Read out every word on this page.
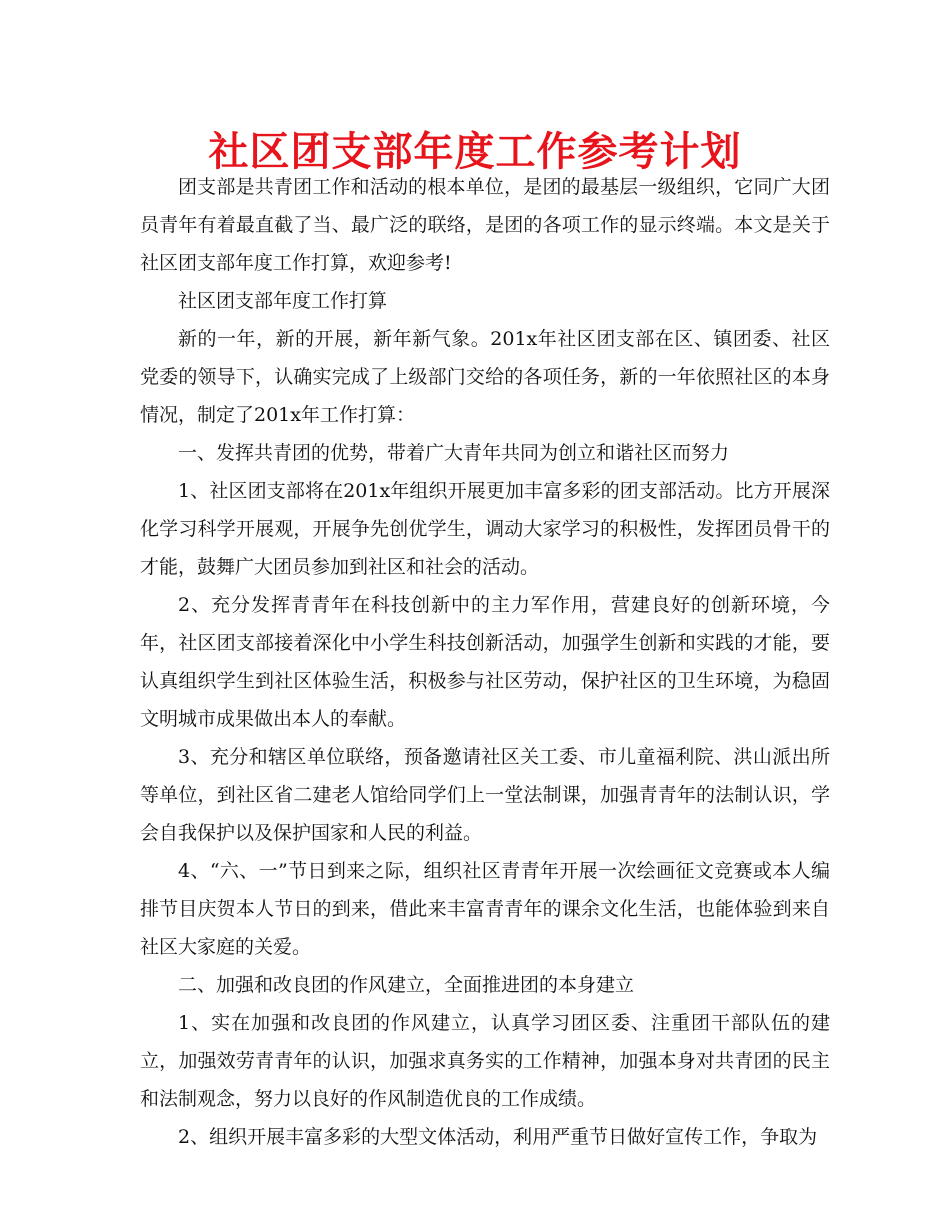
社区团支部年度工作参考计划

团支部是共青团工作和活动的根本单位，是团的最基层一级组织，它同广大团员青年有着最直截了当、最广泛的联络，是团的各项工作的显示终端。本文是关于社区团支部年度工作打算，欢迎参考!

社区团支部年度工作打算

新的一年，新的开展，新年新气象。201x年社区团支部在区、镇团委、社区党委的领导下，认确实完成了上级部门交给的各项任务，新的一年依照社区的本身情况，制定了201x年工作打算：

一、发挥共青团的优势，带着广大青年共同为创立和谐社区而努力

1、社区团支部将在201x年组织开展更加丰富多彩的团支部活动。比方开展深化学习科学开展观，开展争先创优学生，调动大家学习的积极性，发挥团员骨干的才能，鼓舞广大团员参加到社区和社会的活动。

2、充分发挥青青年在科技创新中的主力军作用，营建良好的创新环境，今年，社区团支部接着深化中小学生科技创新活动，加强学生创新和实践的才能，要认真组织学生到社区体验生活，积极参与社区劳动，保护社区的卫生环境，为稳固文明城市成果做出本人的奉献。

3、充分和辖区单位联络，预备邀请社区关工委、市儿童福利院、洪山派出所等单位，到社区省二建老人馆给同学们上一堂法制课，加强青青年的法制认识，学会自我保护以及保护国家和人民的利益。

4、“六、一”节日到来之际，组织社区青青年开展一次绘画征文竞赛或本人编排节目庆贺本人节日的到来，借此来丰富青青年的课余文化生活，也能体验到来自社区大家庭的关爱。

二、加强和改良团的作风建立，全面推进团的本身建立

1、实在加强和改良团的作风建立，认真学习团区委、注重团干部队伍的建立，加强效劳青青年的认识，加强求真务实的工作精神，加强本身对共青团的民主和法制观念，努力以良好的作风制造优良的工作成绩。

2、组织开展丰富多彩的大型文体活动，利用严重节日做好宣传工作，争取为
